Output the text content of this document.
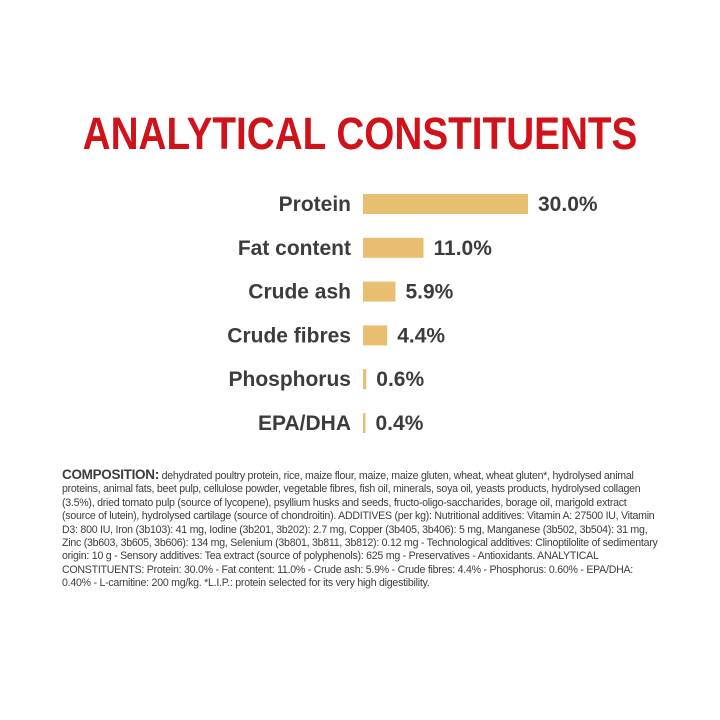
ANALYTICAL CONSTITUENTS
Protein	30.0%
Fat content	11.0%
Crude ash	5.9%
Crude fibres 4.4%
Phosphorus 0.6%
EPA/DHA 0.4%

COMPOSITION: dehydrated poultry protein, rice, maize flour, maize, maize gluten, wheat, wheat gluten*, hydrolysed animal proteins, animal fats, beet pulp, cellulose powder, vegetable fibres, fish oil, minerals, soya oil, yeasts products, hydrolysed collagen (3.5%), dried tomato pulp (source of lycopene), psyllium husks and seeds, fructo-oligo-saccharides, borage oil, marigold extract (source of lutein), hydrolysed cartilage (source of chondroitin). ADDITIVES (per kg): Nutritional additives: Vitamin A: 27500 IU, Vitamin D3: 800 IU, Iron (3b103): 41 mg, Iodine (3b201, 3b202): 2.7 mg, Copper (3b405, 3b406): 5 mg, Manganese (3b502, 3b504): 31 mg, Zinc (3b603, 3b605, 3b606): 134 mg, Selenium (3b801, 3b811, 3b812): 0.12 mg - Technological additives: Clinoptilolite of sedimentary origin: 10 g - Sensory additives: Tea extract (source of polyphenols): 625 mg - Preservatives - Antioxidants. ANALYTICAL CONSTITUENTS: Protein: 30.0% - Fat content: 11.0% - Crude ash: 5.9% - Crude fibres: 4.4% - Phosphorus: 0.60% - EPA/DHA: 0.40% - L-carnitine: 200 mg/kg. *L.I.P.: protein selected for its very high digestibility.
